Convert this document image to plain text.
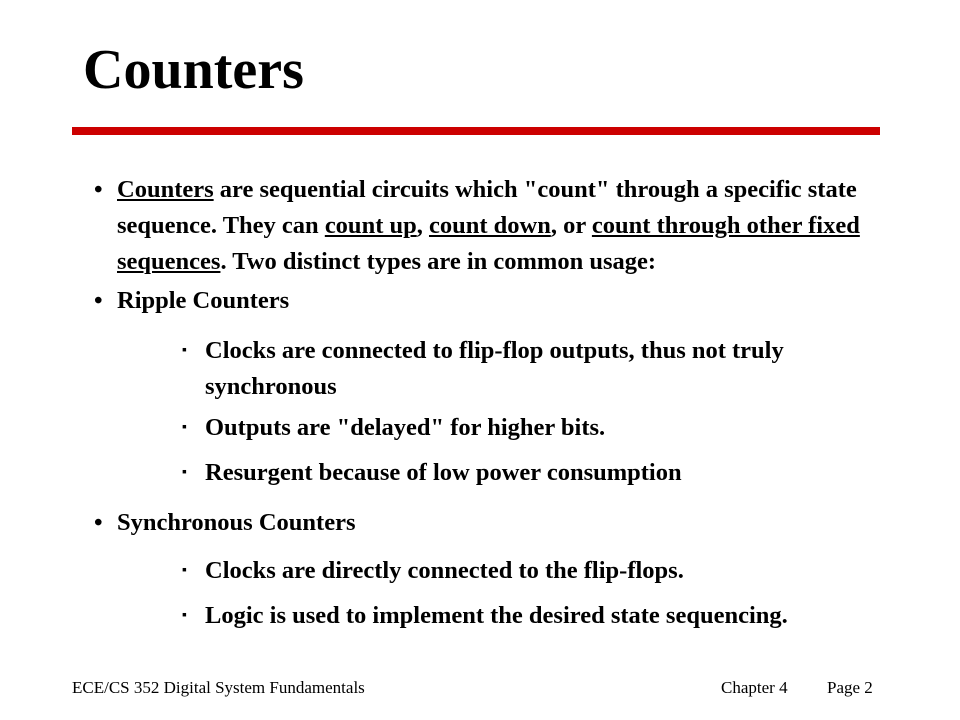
Counters
• Counters are sequential circuits which "count" through a specific state sequence. They can count up, count down, or count through other fixed sequences. Two distinct types are in common usage:
• Ripple Counters
▪ Clocks are connected to flip-flop outputs, thus not truly synchronous
▪ Outputs are "delayed" for higher bits.
▪ Resurgent because of low power consumption
• Synchronous Counters
▪ Clocks are directly connected to the flip-flops.
▪ Logic is used to implement the desired state sequencing.
ECE/CS 352 Digital System Fundamentals	Chapter 4 Page 2
